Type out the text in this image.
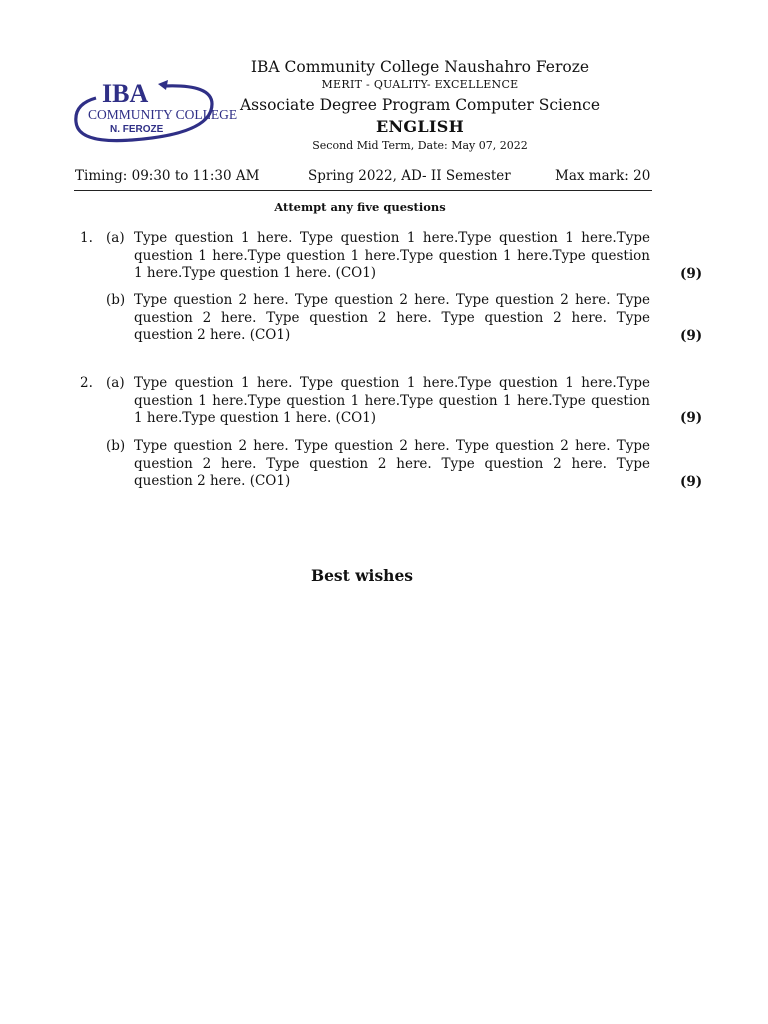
IBA
COMMUNITY COLLEGE
N. FEROZE
IBA Community College Naushahro Feroze
MERIT - QUALITY- EXCELLENCE
Associate Degree Program Computer Science
ENGLISH
Second Mid Term, Date: May 07, 2022
Timing: 09:30 to 11:30 AM	Spring 2022, AD- II Semester	Max mark: 20
Attempt any five questions
1. (a) Type question 1 here. Type question 1 here.Type question 1 here.Type question 1 here.Type question 1 here.Type question 1 here.Type question 1 here.Type question 1 here. (CO1)	(9)
(b) Type question 2 here. Type question 2 here. Type question 2 here. Type question 2 here. Type question 2 here. Type question 2 here. Type question 2 here. (CO1)	(9)
2. (a) Type question 1 here. Type question 1 here.Type question 1 here.Type question 1 here.Type question 1 here.Type question 1 here.Type question 1 here.Type question 1 here. (CO1)	(9)
(b) Type question 2 here. Type question 2 here. Type question 2 here. Type question 2 here. Type question 2 here. Type question 2 here. Type question 2 here. (CO1)	(9)
Best wishes
